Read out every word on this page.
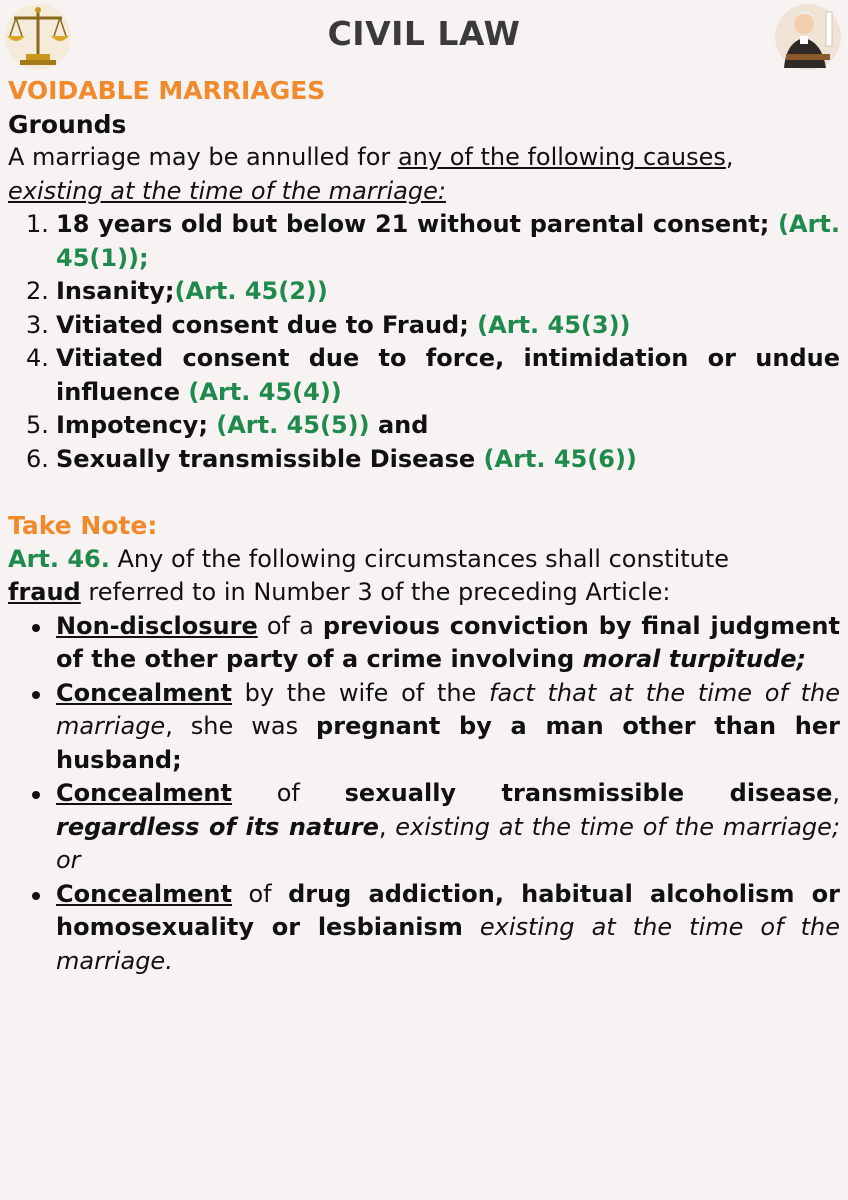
CIVIL LAW

VOIDABLE MARRIAGES

Grounds

A marriage may be annulled for any of the following causes,
existing at the time of the marriage:

18 years old but below 21 without parental consent; (Art. 45(1));
Insanity;(Art. 45(2))
Vitiated consent due to Fraud; (Art. 45(3))
Vitiated consent due to force, intimidation or undue influence (Art. 45(4))
Impotency; (Art. 45(5)) and
Sexually transmissible Disease (Art. 45(6))

Take Note:

Art. 46. Any of the following circumstances shall constitute
fraud referred to in Number 3 of the preceding Article:

Non-disclosure of a previous conviction by final judgment of the other party of a crime involving moral turpitude;
Concealment by the wife of the fact that at the time of the marriage, she was pregnant by a man other than her husband;
Concealment of sexually transmissible disease, regardless of its nature, existing at the time of the marriage; or
Concealment of drug addiction, habitual alcoholism or homosexuality or lesbianism existing at the time of the marriage.
